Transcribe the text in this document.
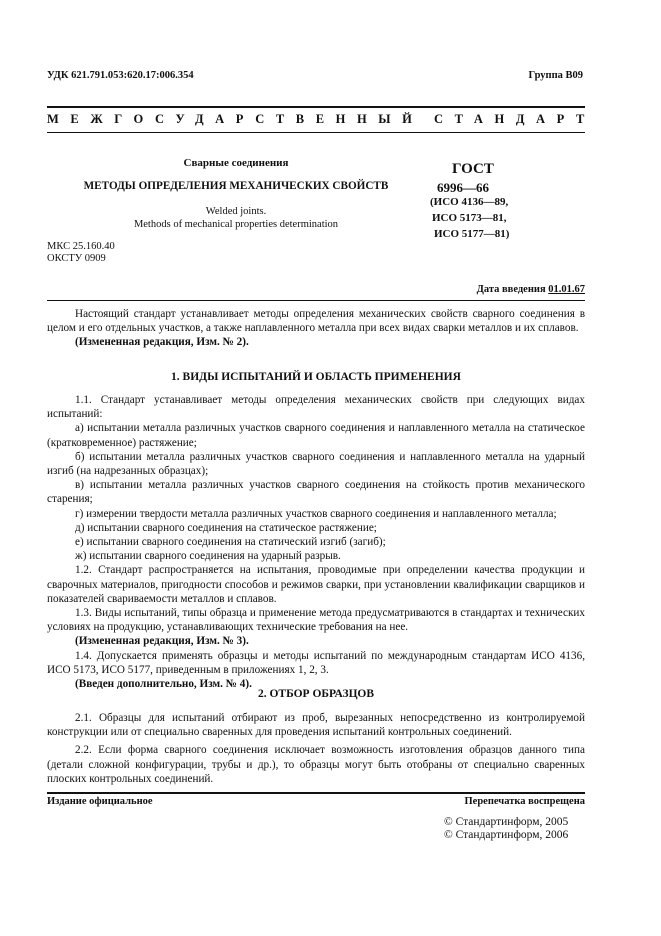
УДК 621.791.053:620.17:006.354	Группа В09
МЕЖГОСУДАРСТВЕННЫЙ СТАНДАРТ
Сварные соединения
МЕТОДЫ ОПРЕДЕЛЕНИЯ МЕХАНИЧЕСКИХ СВОЙСТВ
Welded joints.
Methods of mechanical properties determination
МКС 25.160.40
ОКСТУ 0909
ГОСТ
6996—66
(ИСО 4136—89,
ИСО 5173—81,
ИСО 5177—81)
Дата введения 01.01.67

Настоящий стандарт устанавливает методы определения механических свойств сварного соединения в целом и его отдельных участков, а также наплавленного металла при всех видах сварки металлов и их сплавов.

(Измененная редакция, Изм. № 2).

1. ВИДЫ ИСПЫТАНИЙ И ОБЛАСТЬ ПРИМЕНЕНИЯ

1.1. Стандарт устанавливает методы определения механических свойств при следующих видах испытаний:

а) испытании металла различных участков сварного соединения и наплавленного металла на статическое (кратковременное) растяжение;

б) испытании металла различных участков сварного соединения и наплавленного металла на ударный изгиб (на надрезанных образцах);

в) испытании металла различных участков сварного соединения на стойкость против механического старения;

г) измерении твердости металла различных участков сварного соединения и наплавленного металла;

д) испытании сварного соединения на статическое растяжение;

е) испытании сварного соединения на статический изгиб (загиб);

ж) испытании сварного соединения на ударный разрыв.

1.2. Стандарт распространяется на испытания, проводимые при определении качества продукции и сварочных материалов, пригодности способов и режимов сварки, при установлении квалификации сварщиков и показателей свариваемости металлов и сплавов.

1.3. Виды испытаний, типы образца и применение метода предусматриваются в стандартах и технических условиях на продукцию, устанавливающих технические требования на нее.

(Измененная редакция, Изм. № 3).

1.4. Допускается применять образцы и методы испытаний по международным стандартам ИСО 4136, ИСО 5173, ИСО 5177, приведенным в приложениях 1, 2, 3.

(Введен дополнительно, Изм. № 4).

2. ОТБОР ОБРАЗЦОВ

2.1. Образцы для испытаний отбирают из проб, вырезанных непосредственно из контролируемой конструкции или от специально сваренных для проведения испытаний контрольных соединений.

2.2. Если форма сварного соединения исключает возможность изготовления образцов данного типа (детали сложной конфигурации, трубы и др.), то образцы могут быть отобраны от специально сваренных плоских контрольных соединений.

Издание официальное	Перепечатка воспрещена
© Стандартинформ, 2005
© Стандартинформ, 2006
